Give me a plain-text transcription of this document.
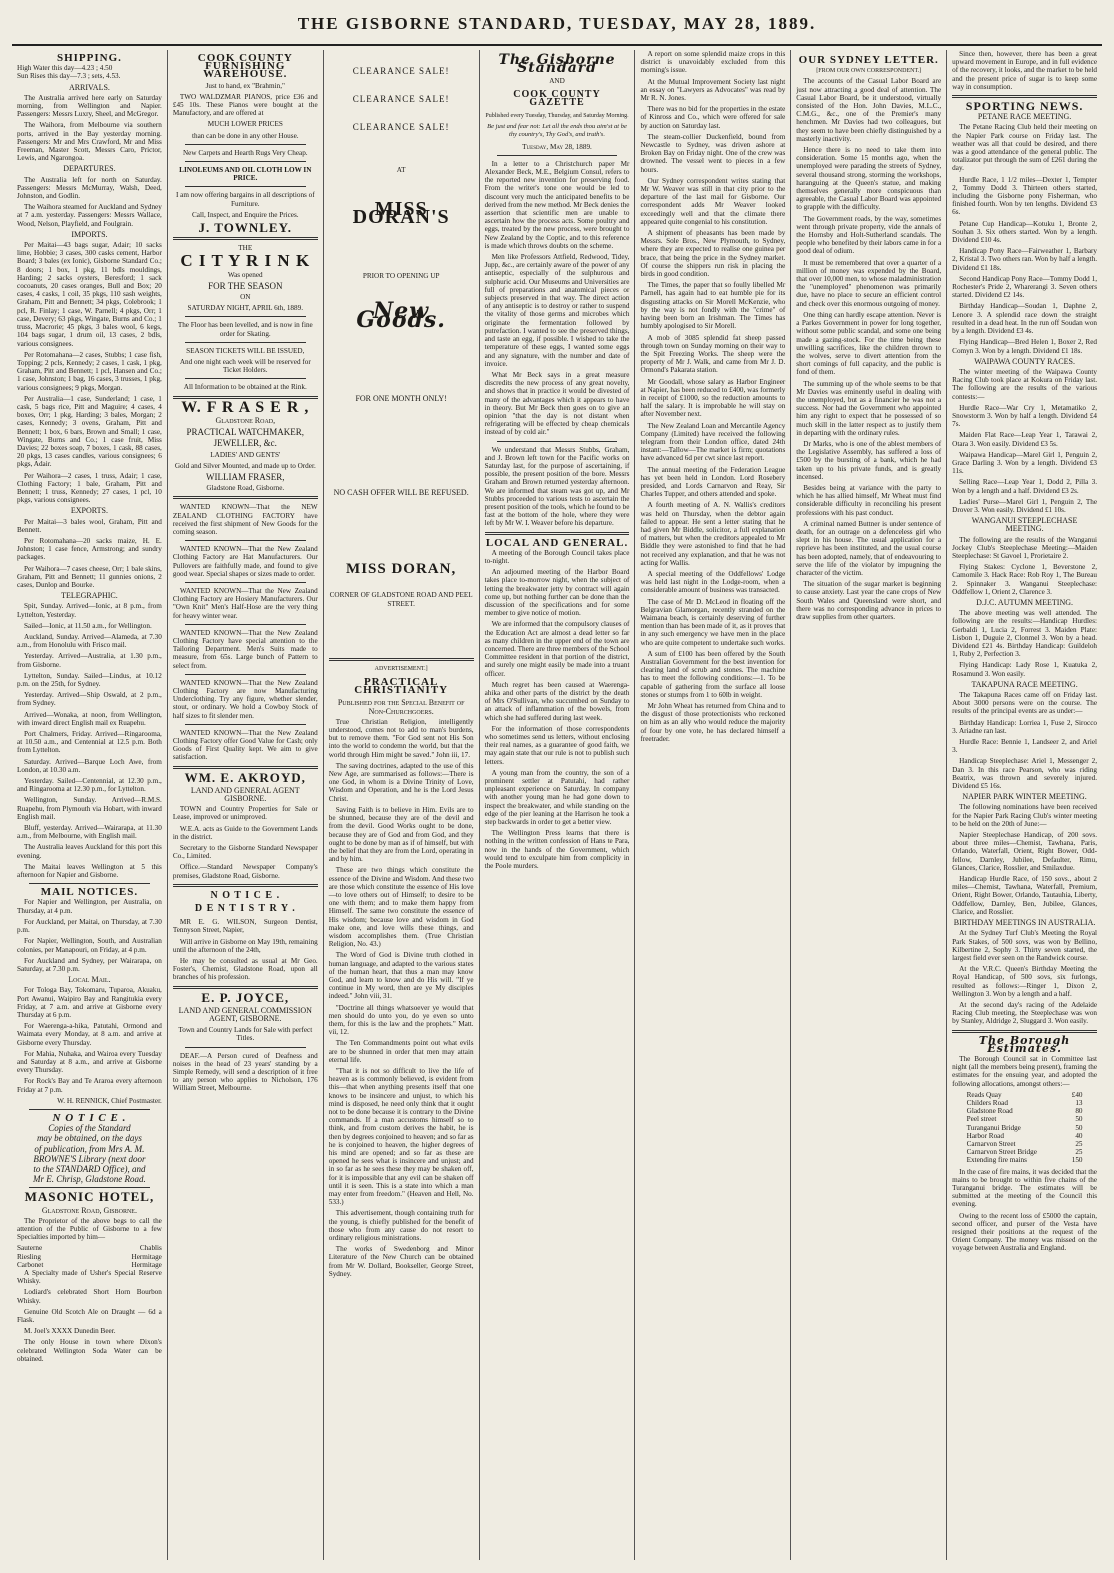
THE GISBORNE STANDARD, TUESDAY, MAY 28, 1889.
SHIPPING.
High Water this day—4.23 ; 4.50
Sun Rises this day—7.3 ; sets, 4.53.
ARRIVALS.

The Australia arrived here early on Saturday morning, from Wellington and Napier. Passengers: Messrs Luxry, Sheel, and McGregor.

The Waihora, from Melbourne via southern ports, arrived in the Bay yesterday morning. Passengers: Mr and Mrs Crawford, Mr and Miss Freeman, Master Scott, Messrs Caro, Prictor, Lewis, and Ngarongoa.

DEPARTURES.

The Australia left for north on Saturday. Passengers: Messrs McMurray, Walsh, Deed, Johnston, and Godlin.

The Waihora steamed for Auckland and Sydney at 7 a.m. yesterday. Passengers: Messrs Wallace, Wood, Nelson, Playfield, and Foulgrain.

IMPORTS.

Per Maitai—43 bags sugar, Adair; 10 sacks lime, Hobbie; 3 cases, 300 casks cement, Harbor Board; 3 bales (ex Ionic), Gisborne Standard Co.; 8 doors; 1 box, 1 pkg, 11 bdls mouldings, Harding; 2 sacks oysters, Beresford; 1 sack cocoanuts, 20 cases oranges, Bull and Box; 20 cases, 4 casks, 1 coil, 35 pkgs, 110 sash weights, Graham, Pitt and Bennett; 34 pkgs, Colebrook; 1 pcl, R. Finlay; 1 case, W. Parnell; 4 pkgs, Orr; 1 case, Devery; 63 pkgs, Wingate, Burns and Co.; 1 truss, Macrorie; 45 pkgs, 3 bales wool, 6 kegs, 104 bags sugar, 1 drum oil, 13 cases, 2 bdls, various consignees.

Per Rotomahana—2 cases, Stubbs; 1 case fish, Topping; 2 pcls, Kennedy; 2 cases, 1 cask, 1 pkg, Graham, Pitt and Bennett; 1 pcl, Hansen and Co.; 1 case, Johnston; 1 bag, 16 cases, 3 trusses, 1 pkg, various consignees; 9 pkgs, Morgan.

Per Australia—1 case, Sunderland; 1 case, 1 cask, 5 bags rice, Pitt and Maguire; 4 cases, 4 boxes, Orr; 1 pkg, Harding; 3 bales, Morgan; 2 cases, Kennedy; 3 ovens, Graham, Pitt and Bennett; 1 box, 6 bars, Brown and Small; 1 case, Wingate, Burns and Co.; 1 case fruit, Miss Davies; 22 boxes soap, 7 boxes, 1 cask, 88 cases, 20 pkgs, 13 cases candles, various consignees; 6 pkgs, Adair.

Per Waihora—2 cases, 1 truss, Adair; 1 case, Clothing Factory; 1 bale, Graham, Pitt and Bennett; 1 truss, Kennedy; 27 cases, 1 pcl, 10 pkgs, various consignees.

EXPORTS.

Per Maitai—3 bales wool, Graham, Pitt and Bennett.

Per Rotomahana—20 sacks maize, H. E. Johnston; 1 case fence, Armstrong; and sundry packages.

Per Waihora—7 cases cheese, Orr; 1 bale skins, Graham, Pitt and Bennett; 11 gunnies onions, 2 cases, Dunlop and Bourke.

TELEGRAPHIC.

Spit, Sunday. Arrived—Ionic, at 8 p.m., from Lyttelton, Yesterday.

Sailed—Ionic, at 11.50 a.m., for Wellington.

Auckland, Sunday. Arrived—Alameda, at 7.30 a.m., from Honolulu with Frisco mail.

Yesterday. Arrived—Australia, at 1.30 p.m., from Gisborne.

Lyttelton, Sunday. Sailed—Lindus, at 10.12 p.m. on the 25th, for Sydney.

Yesterday. Arrived—Ship Oswald, at 2 p.m., from Sydney.

Arrived—Wonaka, at noon, from Wellington, with inward direct English mail ex Ruapehu.

Port Chalmers, Friday. Arrived—Ringarooma, at 10.50 a.m., and Centennial at 12.5 p.m. Both from Lyttelton.

Saturday. Arrived—Barque Loch Awe, from London, at 10.30 a.m.

Yesterday. Sailed—Centennial, at 12.30 p.m., and Ringarooma at 12.30 p.m., for Lyttelton.

Wellington, Sunday. Arrived—R.M.S. Ruapehu, from Plymouth via Hobart, with inward English mail.

Bluff, yesterday. Arrived—Wairarapa, at 11.30 a.m., from Melbourne, with English mail.

The Australia leaves Auckland for this port this evening.

The Maitai leaves Wellington at 5 this afternoon for Napier and Gisborne.

MAIL NOTICES.

For Napier and Wellington, per Australia, on Thursday, at 4 p.m.

For Auckland, per Maitai, on Thursday, at 7.30 p.m.

For Napier, Wellington, South, and Australian colonies, per Manapouri, on Friday, at 4 p.m.

For Auckland and Sydney, per Wairarapa, on Saturday, at 7.30 p.m.

Local Mail.

For Tologa Bay, Tokomaru, Tuparoa, Akuaku, Port Awanui, Waipiro Bay and Rangitukia every Friday, at 7 a.m. and arrive at Gisborne every Thursday at 6 p.m.

For Waerenga-a-hika, Patutahi, Ormond and Waimata every Monday, at 8 a.m. and arrive at Gisborne every Thursday.

For Mahia, Nuhaka, and Wairoa every Tuesday and Saturday at 8 a.m., and arrive at Gisborne every Thursday.

For Rock's Bay and Te Araroa every afternoon Friday at 7 p.m.

W. H. RENNICK, Chief Postmaster.
N O T I C E .
Copies of the Standard
may be obtained, on the days
of publication, from Mrs A. M.
BROWNE'S Library (next door
to the STANDARD Office), and
Mr E. Chrisp, Gladstone Road.
MASONIC HOTEL,
Gladstone Road, Gisborne.

The Proprietor of the above begs to call the attention of the Public of Gisborne to a few Specialties imported by him—

Sauterne	Chablis
Riesling	Hermitage
Carbonet	Hermitage

A Specialty made of Usher's Special Reserve Whisky.

Lodiard's celebrated Short Horn Bourbon Whisky.

Genuine Old Scotch Ale on Draught — 6d a Flask.

M. Joel's XXXX Dunedin Beer.

The only House in town where Dixon's celebrated Wellington Soda Water can be obtained.

COOK COUNTY FURNISHING WAREHOUSE.
Just to hand, ex "Brahmin,"

TWO WALDZMAR PIANOS, price £36 and £45 10s. These Pianos were bought at the Manufactory, and are offered at

MUCH LOWER PRICES
than can be done in any other House.
New Carpets and Hearth Rugs Very Cheap.
LINOLEUMS AND OIL CLOTH LOW IN PRICE.
I am now offering bargains in all descriptions of Furniture.
Call, Inspect, and Enquire the Prices.
J. TOWNLEY.
THE
C I T Y R I N K
Was opened
FOR THE SEASON
ON
SATURDAY NIGHT, APRIL 6th, 1889.
The Floor has been levelled, and is now in fine order for Skating.
SEASON TICKETS WILL BE ISSUED,
And one night each week will be reserved for Ticket Holders.
All Information to be obtained at the Rink.
W. F R A S E R ,
Gladstone Road,
PRACTICAL WATCHMAKER,
JEWELLER, &c.
LADIES' AND GENTS'
Gold and Silver Mounted, and made up to Order.
WILLIAM FRASER,
Gladstone Road, Gisborne.

WANTED KNOWN—That the NEW ZEALAND CLOTHING FACTORY have received the first shipment of New Goods for the coming season.

WANTED KNOWN—That the New Zealand Clothing Factory are Hat Manufacturers. Our Pullovers are faithfully made, and found to give good wear. Special shapes or sizes made to order.

WANTED KNOWN—That the New Zealand Clothing Factory are Hosiery Manufacturers. Our "Own Knit" Men's Half-Hose are the very thing for heavy winter wear.

WANTED KNOWN—That the New Zealand Clothing Factory have special attention to the Tailoring Department. Men's Suits made to measure, from 65s. Large bunch of Pattern to select from.

WANTED KNOWN—That the New Zealand Clothing Factory are now Manufacturing Underclothing. Try any figure, whether slender, stout, or ordinary. We hold a Cowboy Stock of half sizes to fit slender men.

WANTED KNOWN—That the New Zealand Clothing Factory offer Good Value for Cash; only Goods of First Quality kept. We aim to give satisfaction.

WM. E. AKROYD,
LAND AND GENERAL AGENT GISBORNE.

TOWN and Country Properties for Sale or Lease, improved or unimproved.

W.E.A. acts as Guide to the Government Lands in the district.

Secretary to the Gisborne Standard Newspaper Co., Limited.

Office.—Standard Newspaper Company's premises, Gladstone Road, Gisborne.

N O T I C E .
D E N T I S T R Y .

MR E. G. WILSON, Surgeon Dentist, Tennyson Street, Napier,

Will arrive in Gisborne on May 19th, remaining until the afternoon of the 24th,

He may be consulted as usual at Mr Geo. Foster's, Chemist, Gladstone Road, upon all branches of his profession.

E. P. JOYCE,
LAND AND GENERAL COMMISSION AGENT, GISBORNE.
Town and Country Lands for Sale with perfect Titles.

DEAF.—A Person cured of Deafness and noises in the head of 23 years' standing by a Simple Remedy, will send a description of it free to any person who applies to Nicholson, 176 William Street, Melbourne.

CLEARANCE SALE!
CLEARANCE SALE!
CLEARANCE SALE!
AT
MISS DORAN'S
PRIOR TO OPENING UP
New Goods.
FOR ONE MONTH ONLY!
NO CASH OFFER WILL BE REFUSED.
MISS DORAN,
CORNER OF GLADSTONE ROAD AND PEEL STREET.
ADVERTISEMENT.]
PRACTICAL CHRISTIANITY
Published for the Special Benefit of Non-Churchgoers.

True Christian Religion, intelligently understood, comes not to add to man's burdens, but to remove them. "For God sent not His Son into the world to condemn the world, but that the world through Him might be saved." John iii, 17.

The saving doctrines, adapted to the use of this New Age, are summarised as follows:—There is one God, in whom is a Divine Trinity of Love, Wisdom and Operation, and he is the Lord Jesus Christ.

Saving Faith is to believe in Him. Evils are to be shunned, because they are of the devil and from the devil. Good Works ought to be done, because they are of God and from God, and they ought to be done by man as if of himself, but with the belief that they are from the Lord, operating in and by him.

These are two things which constitute the essence of the Divine and Wisdom. And these two are those which constitute the essence of His love—to love others out of Himself; to desire to be one with them; and to make them happy from Himself. The same two constitute the essence of His wisdom; because love and wisdom in God make one, and love wills these things, and wisdom accomplishes them. (True Christian Religion, No. 43.)

The Word of God is Divine truth clothed in human language, and adapted to the various states of the human heart, that thus a man may know God, and learn to know and do His will. "If ye continue in My word, then are ye My disciples indeed." John viii, 31.

"Doctrine all things whatsoever ye would that men should do unto you, do ye even so unto them, for this is the law and the prophets." Matt. vii, 12.

The Ten Commandments point out what evils are to be shunned in order that men may attain eternal life.

"That it is not so difficult to live the life of heaven as is commonly believed, is evident from this—that when anything presents itself that one knows to be insincere and unjust, to which his mind is disposed, he need only think that it ought not to be done because it is contrary to the Divine commands. If a man accustoms himself so to think, and from custom derives the habit, he is then by degrees conjoined to heaven; and so far as he is conjoined to heaven, the higher degrees of his mind are opened; and so far as these are opened he sees what is insincere and unjust; and in so far as he sees these they may be shaken off, for it is impossible that any evil can be shaken off until it is seen. This is a state into which a man may enter from freedom." (Heaven and Hell, No. 533.)

This advertisement, though containing truth for the young, is chiefly published for the benefit of those who from any cause do not resort to ordinary religious ministrations.

The works of Swedenborg and Minor Literature of the New Church can be obtained from Mr W. Dollard, Bookseller, George Street, Sydney.

The Gisborne Standard
AND
COOK COUNTY GAZETTE
Published every Tuesday, Thursday, and Saturday Morning.
Be just and fear not: Let all the ends thou aim'st at be thy country's, Thy God's, and truth's.
Tuesday, May 28, 1889.

In a letter to a Christchurch paper Mr Alexander Beck, M.E., Belgium Consul, refers to the reported new invention for preserving food. From the writer's tone one would be led to discount very much the anticipated benefits to be derived from the new method. Mr Beck denies the assertion that scientific men are unable to ascertain how the process acts. Some poultry and eggs, treated by the new process, were brought to New Zealand by the Coptic, and to this reference is made which throws doubts on the scheme.

Men like Professors Attfield, Redwood, Tidey, Jupp, &c., are certainly aware of the power of any antiseptic, especially of the sulphurous and sulphuric acid. Our Museums and Universities are full of preparations and anatomical pieces or subjects preserved in that way. The direct action of any antiseptic is to destroy or rather to suspend the vitality of those germs and microbes which originate the fermentation followed by putrefaction. I wanted to see the preserved things, and taste an egg, if possible. I wished to take the temperature of these eggs, I wanted some eggs and any signature, with the number and date of invoice.

What Mr Beck says in a great measure discredits the new process of any great novelty, and shows that in practice it would be divested of many of the advantages which it appears to have in theory. But Mr Beck then goes on to give an opinion "that the day is not distant when refrigerating will be effected by cheap chemicals instead of by cold air."

We understand that Messrs Stubbs, Graham, and J. Brown left town for the Pacific works on Saturday last, for the purpose of ascertaining, if possible, the present position of the bore. Messrs Graham and Brown returned yesterday afternoon. We are informed that steam was got up, and Mr Stubbs proceeded to various tests to ascertain the present position of the tools, which he found to be fast at the bottom of the hole, where they were left by Mr W. I. Weaver before his departure.

LOCAL AND GENERAL.

A meeting of the Borough Council takes place to-night.

An adjourned meeting of the Harbor Board takes place to-morrow night, when the subject of letting the breakwater jetty by contract will again come up, but nothing further can be done than the discussion of the specifications and for some member to give notice of motion.

We are informed that the compulsory clauses of the Education Act are almost a dead letter so far as many children in the upper end of the town are concerned. There are three members of the School Committee resident in that portion of the district, and surely one might easily be made into a truant officer.

Much regret has been caused at Waerenga-ahika and other parts of the district by the death of Mrs O'Sullivan, who succumbed on Sunday to an attack of inflammation of the bowels, from which she had suffered during last week.

For the information of those correspondents who sometimes send us letters, without enclosing their real names, as a guarantee of good faith, we may again state that our rule is not to publish such letters.

A young man from the country, the son of a prominent settler at Patutahi, had rather unpleasant experience on Saturday. In company with another young man he had gone down to inspect the breakwater, and while standing on the edge of the pier leaning at the Harrison he took a step backwards in order to get a better view.

The Wellington Press learns that there is nothing in the written confession of Hans te Para, now in the hands of the Government, which would tend to exculpate him from complicity in the Poole murders.

A report on some splendid maize crops in this district is unavoidably excluded from this morning's issue.

At the Mutual Improvement Society last night an essay on "Lawyers as Advocates" was read by Mr R. N. Jones.

There was no bid for the properties in the estate of Kinross and Co., which were offered for sale by auction on Saturday last.

The steam-collier Duckenfield, bound from Newcastle to Sydney, was driven ashore at Broken Bay on Friday night. One of the crew was drowned. The vessel went to pieces in a few hours.

Our Sydney correspondent writes stating that Mr W. Weaver was still in that city prior to the departure of the last mail for Gisborne. Our correspondent adds Mr Weaver looked exceedingly well and that the climate there appeared quite congenial to his constitution.

A shipment of pheasants has been made by Messrs. Sole Bros., New Plymouth, to Sydney, where they are expected to realise one guinea per brace, that being the price in the Sydney market. Of course the shippers run risk in placing the birds in good condition.

The Times, the paper that so foully libelled Mr Parnell, has again had to eat humble pie for its disgusting attacks on Sir Morell McKenzie, who by the way is not fondly with the "crime" of having been born an Irishman. The Times has humbly apologised to Sir Morell.

A mob of 3085 splendid fat sheep passed through town on Sunday morning on their way to the Spit Freezing Works. The sheep were the property of Mr J. Walk, and came from Mr J. D. Ormond's Pakarata station.

Mr Goodall, whose salary as Harbor Engineer at Napier, has been reduced to £400, was formerly in receipt of £1000, so the reduction amounts to half the salary. It is improbable he will stay on after November next.

The New Zealand Loan and Mercantile Agency Company (Limited) have received the following telegram from their London office, dated 24th instant:—Tallow—The market is firm; quotations have advanced 6d per cwt since last report.

The annual meeting of the Federation League has yet been held in London. Lord Rosebery presided, and Lords Carnarvon and Reay, Sir Charles Tupper, and others attended and spoke.

A fourth meeting of A. N. Wallis's creditors was held on Thursday, when the debtor again failed to appear. He sent a letter stating that he had given Mr Biddle, solicitor, a full explanation of matters, but when the creditors appealed to Mr Biddle they were astonished to find that he had not received any explanation, and that he was not acting for Wallis.

A special meeting of the Oddfellows' Lodge was held last night in the Lodge-room, when a considerable amount of business was transacted.

The case of Mr D. McLeod in floating off the Belgravian Glamorgan, recently stranded on the Waimana beach, is certainly deserving of further mention than has been made of it, as it proves that in any such emergency we have men in the place who are quite competent to undertake such works.

A sum of £100 has been offered by the South Australian Government for the best invention for clearing land of scrub and stones. The machine has to meet the following conditions:—1. To be capable of gathering from the surface all loose stones or stumps from 1 to 60lb in weight.

Mr John Wheat has returned from China and to the disgust of those protectionists who reckoned on him as an ally who would reduce the majority of four by one vote, he has declared himself a freetrader.

OUR SYDNEY LETTER.
[FROM OUR OWN CORRESPONDENT.]

The accounts of the Casual Labor Board are just now attracting a good deal of attention. The Casual Labor Board, be it understood, virtually consisted of the Hon. John Davies, M.L.C., C.M.G., &c., one of the Premier's many henchmen. Mr Davies had two colleagues, but they seem to have been chiefly distinguished by a masterly inactivity.

Hence there is no need to take them into consideration. Some 15 months ago, when the unemployed were parading the streets of Sydney, several thousand strong, storming the workshops, haranguing at the Queen's statue, and making themselves generally more conspicuous than agreeable, the Casual Labor Board was appointed to grapple with the difficulty.

The Government roads, by the way, sometimes went through private property, vide the annals of the Hornsby and Holt-Sutherland scandals. The people who benefited by their labors came in for a good deal of odium.

It must be remembered that over a quarter of a million of money was expended by the Board, that over 10,000 men, to whose maladministration the "unemployed" phenomenon was primarily due, have no place to secure an efficient control and check over this enormous outgoing of money.

One thing can hardly escape attention. Never is a Parkes Government in power for long together, without some public scandal, and some one being made a gazing-stock. For the time being these unwilling sacrifices, like the children thrown to the wolves, serve to divert attention from the short comings of full capacity, and the public is fond of them.

The summing up of the whole seems to be that Mr Davies was eminently useful in dealing with the unemployed, but as a financier he was not a success. Nor had the Government who appointed him any right to expect that he possessed of so much skill in the latter respect as to justify them in departing with the ordinary rules.

Dr Marks, who is one of the ablest members of the Legislative Assembly, has suffered a loss of £500 by the bursting of a bank, which he had taken up to his private funds, and is greatly incensed.

Besides being at variance with the party to which he has allied himself, Mr Wheat must find considerable difficulty in reconciling his present professions with his past conduct.

A criminal named Buttner is under sentence of death, for an outrage on a defenceless girl who slept in his house. The usual application for a reprieve has been instituted, and the usual course has been adopted, namely, that of endeavouring to serve the life of the violator by impugning the character of the victim.

The situation of the sugar market is beginning to cause anxiety. Last year the cane crops of New South Wales and Queensland were short, and there was no corresponding advance in prices to draw supplies from other quarters.

Since then, however, there has been a great upward movement in Europe, and in full evidence of the recovery, it looks, and the market to be held and the present price of sugar is to keep some way in consumption.

SPORTING NEWS.
PETANE RACE MEETING.

The Petane Racing Club held their meeting on the Napier Park course on Friday last. The weather was all that could be desired, and there was a good attendance of the general public. The totalizator put through the sum of £261 during the day.

Hurdle Race, 1 1/2 miles—Dexter 1, Tempter 2, Tommy Dodd 3. Thirteen others started, including the Gisborne pony Fisherman, who finished fourth. Won by ten lengths. Dividend £3 6s.

Petane Cup Handicap—Kotuku 1, Bronte 2, Souhan 3. Six others started. Won by a length. Dividend £10 4s.

Handicap Pony Race—Fairweather 1, Barbary 2, Kristal 3. Two others ran. Won by half a length. Dividend £1 18s.

Second Handicap Pony Race—Tommy Dodd 1, Rochester's Pride 2, Wharerangi 3. Seven others started. Dividend £2 14s.

Birthday Handicap—Soudan 1, Daphne 2, Lenore 3. A splendid race down the straight resulted in a dead heat. In the run off Soudan won by a length. Dividend £3 4s.

Flying Handicap—Bred Helen 1, Boxer 2, Red Comyn 3. Won by a length. Dividend £1 18s.

WAIPAWA COUNTY RACES.

The winter meeting of the Waipawa County Racing Club took place at Kokura on Friday last. The following are the results of the various contests:—

Hurdle Race—War Cry 1, Metamatiko 2, Snowstorm 3. Won by half a length. Dividend £4 7s.

Maiden Flat Race—Leap Year 1, Tarawai 2, Otara 3. Won easily. Dividend £3 5s.

Waipawa Handicap—Marel Girl 1, Penguin 2, Grace Darling 3. Won by a length. Dividend £3 11s.

Selling Race—Leap Year 1, Dodd 2, Pilla 3. Won by a length and a half. Dividend £3 2s.

Ladies' Purse—Marel Girl 1, Penguin 2, The Drover 3. Won easily. Dividend £1 10s.

WANGANUI STEEPLECHASE MEETING.

The following are the results of the Wanganui Jockey Club's Steeplechase Meeting:—Maiden Steeplechase: St Gavoel 1, Prorietaire 2.

Flying Stakes: Cyclone 1, Beverstone 2, Camomile 3. Hack Race: Rob Roy 1, The Bureau 2. Spinnaker 3. Wanganui Steeplechase: Oddfellow 1, Orient 2, Clarence 3.

D.J.C. AUTUMN MEETING.

The above meeting was well attended. The following are the results:—Handicap Hurdles: Gerbaldi 1, Lucia 2, Forrest 3. Maiden Plate: Lisbon 1, Duguie 2, Clonmel 3. Won by a head. Dividend £21 4s. Birthday Handicap: Guildeloh 1, Ruby 2, Perfection 3.

Flying Handicap: Lady Rose 1, Kuatuka 2, Rosamund 3. Won easily.

TAKAPUNA RACE MEETING.

The Takapuna Races came off on Friday last. About 3000 persons were on the course. The results of the principal events are as under:—

Birthday Handicap: Lorriea 1, Fuse 2, Sirocco 3. Ariadne ran last.

Hurdle Race: Bennie 1, Landseer 2, and Ariel 3.

Handicap Steeplechase: Ariel 1, Messenger 2, Dan 3. In this race Pearson, who was riding Beatrix, was thrown and severely injured. Dividend £5 16s.

NAPIER PARK WINTER MEETING.

The following nominations have been received for the Napier Park Racing Club's winter meeting to be held on the 20th of June:—

Napier Steeplechase Handicap, of 200 sovs. about three miles—Chemist, Tawhana, Paris, Orlando, Waterfall, Orient, Right Bower, Odd-fellow, Darnley, Jubilee, Defaulter, Rimu, Glances, Clarice, Rosslier, and Smilaxdue.

Handicap Hurdle Race, of 150 sovs., about 2 miles—Chemist, Tawhana, Waterfall, Premium, Orient, Right Bower, Orlando, Tautauhia, Liberty, Oddfellow, Darnley, Ben, Jubilee, Glances, Clarice, and Rosslier.

BIRTHDAY MEETINGS IN AUSTRALIA.

At the Sydney Turf Club's Meeting the Royal Park Stakes, of 500 sovs, was won by Bellino, Kilbertine 2, Sophy 3. Thirty seven started, the largest field ever seen on the Randwick course.

At the V.R.C. Queen's Birthday Meeting the Royal Handicap, of 500 sovs, six furlongs, resulted as follows:—Ringer 1, Dixon 2, Wellington 3. Won by a length and a half.

At the second day's racing of the Adelaide Racing Club meeting, the Steeplechase was won by Stanley, Aldridge 2, Sluggard 3. Won easily.

The Borough Estimates.

The Borough Council sat in Committee last night (all the members being present), framing the estimates for the ensuing year, and adopted the following allocations, amongst others:—

Reads Quay	£40
Childers Road	13
Gladstone Road	80
Peel street	50
Turanganui Bridge	50
Harbor Road	40
Carnarvon Street	25
Carnarvon Street Bridge	25
Extending fire mains	150

In the case of fire mains, it was decided that the mains to be brought to within five chains of the Turanganui bridge. The estimates will be submitted at the meeting of the Council this evening.

Owing to the recent loss of £5000 the captain, second officer, and purser of the Vesta have resigned their positions at the request of the Orient Company. The money was missed on the voyage between Australia and England.
